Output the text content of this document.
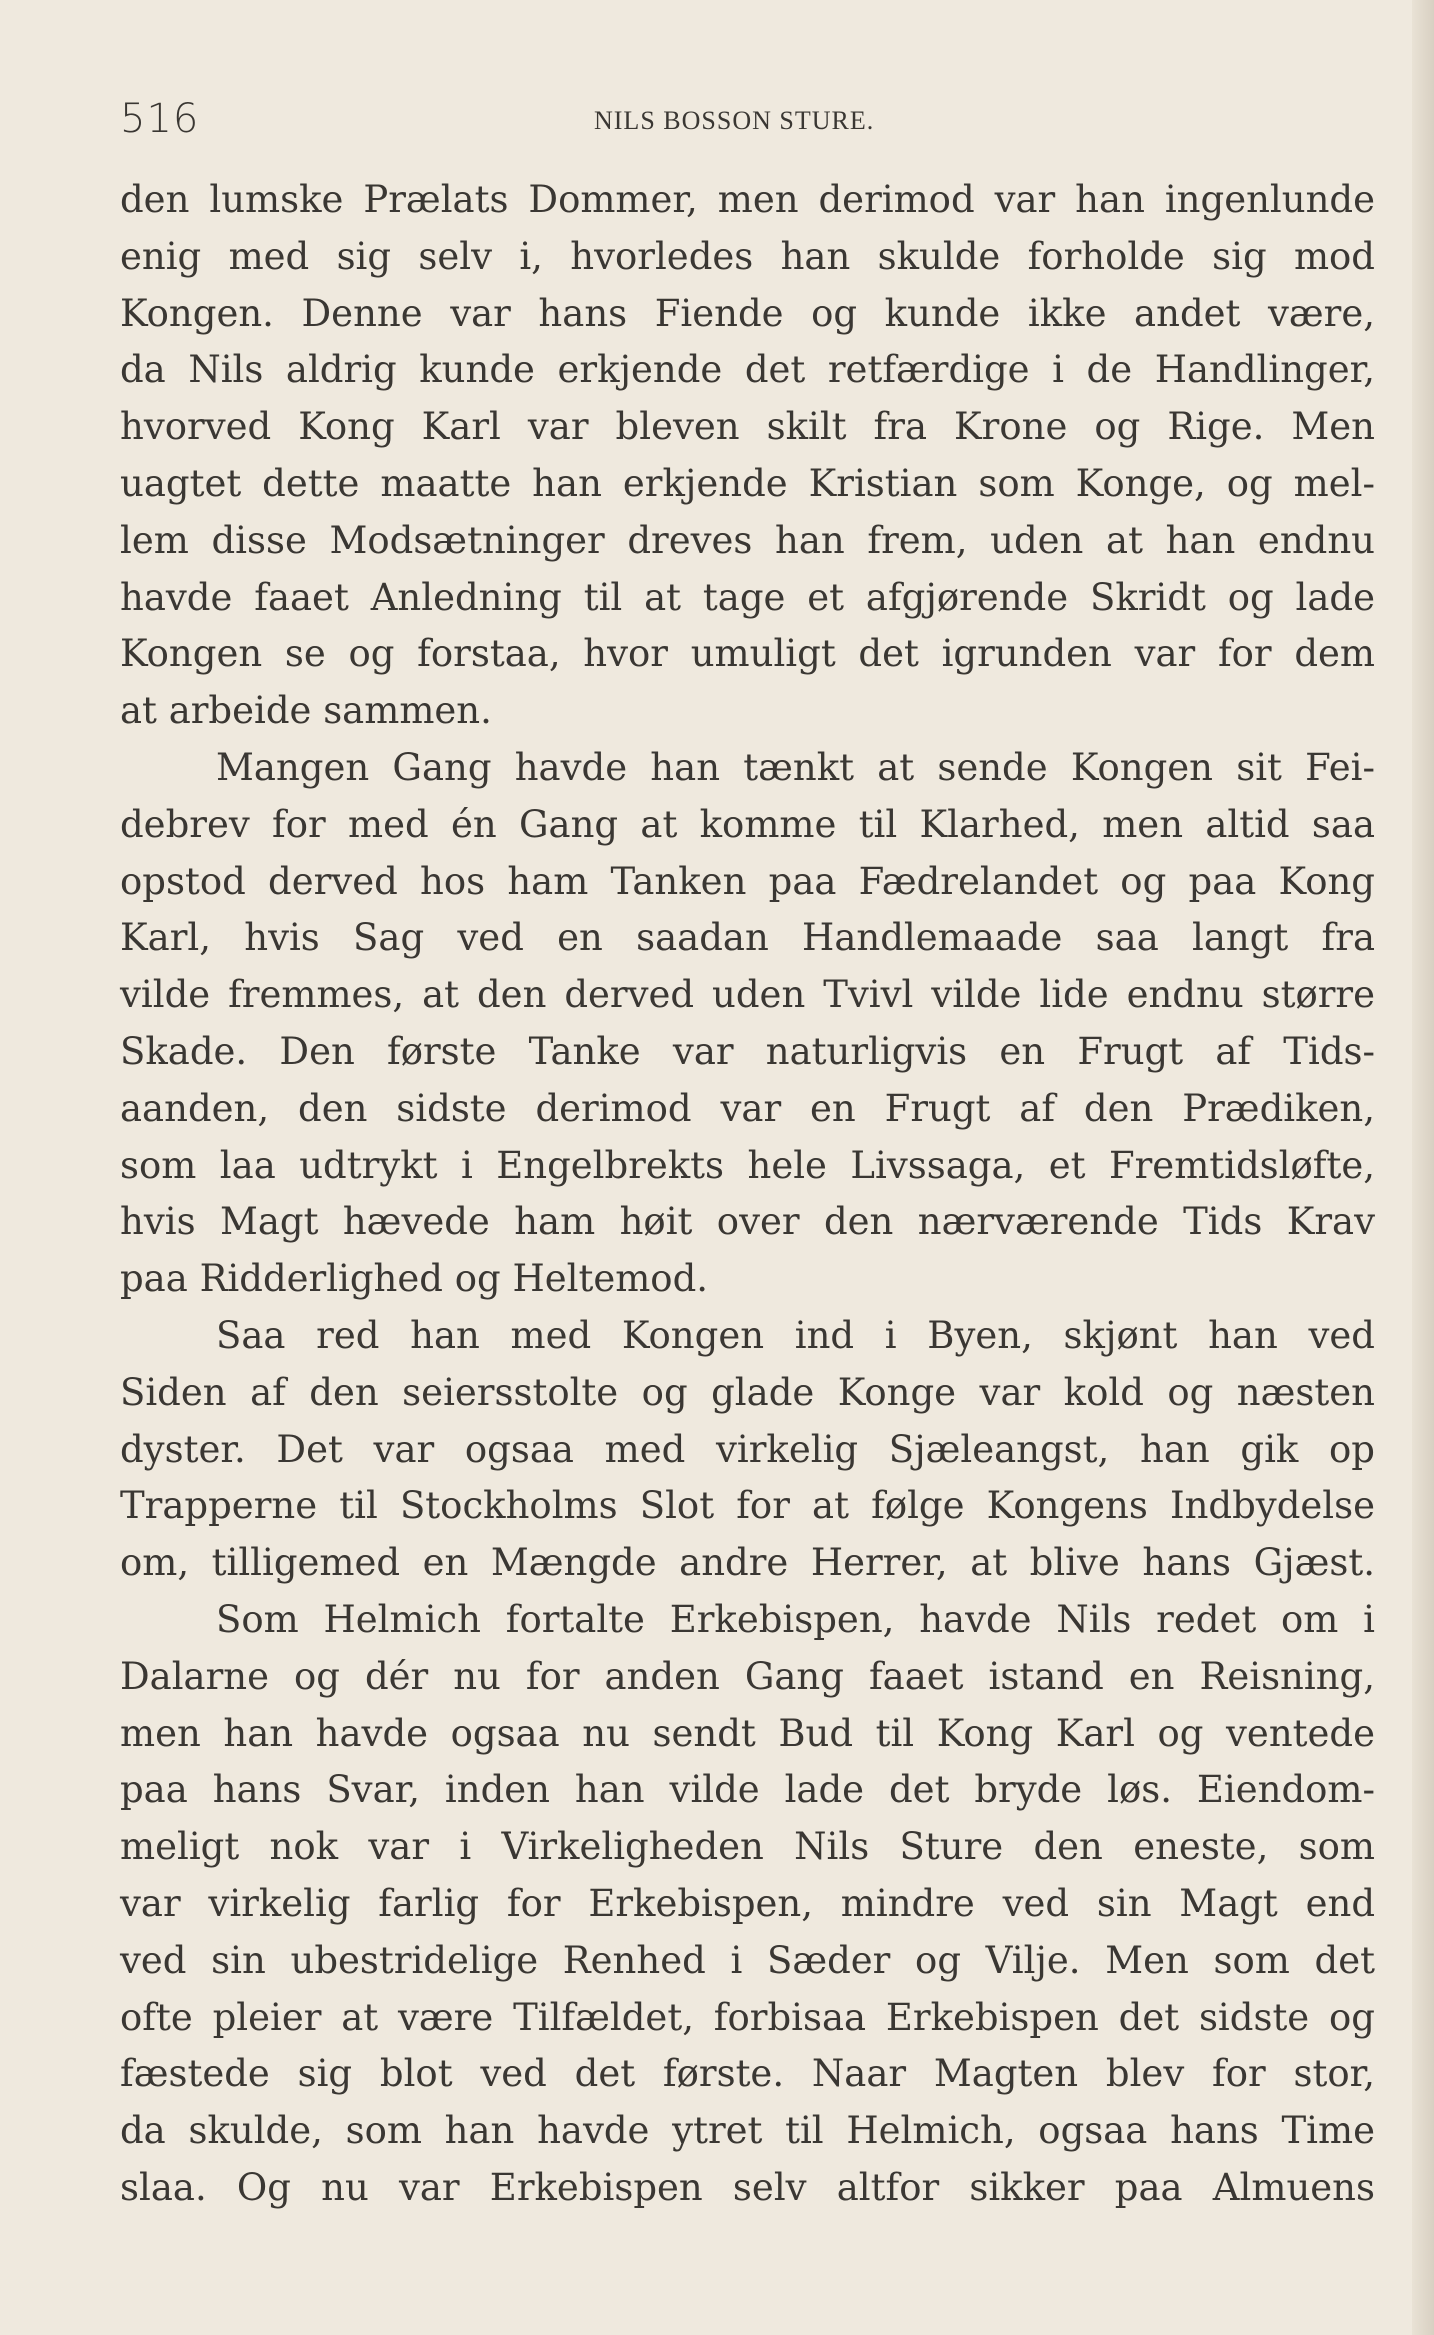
516	NILS BOSSON STURE.
den lumske Prælats Dommer, men derimod var han ingenlunde
enig med sig selv i, hvorledes han skulde forholde sig mod
Kongen. Denne var hans Fiende og kunde ikke andet være,
da Nils aldrig kunde erkjende det retfærdige i de Handlinger,
hvorved Kong Karl var bleven skilt fra Krone og Rige. Men
uagtet dette maatte han erkjende Kristian som Konge, og mel-
lem disse Modsætninger dreves han frem, uden at han endnu
havde faaet Anledning til at tage et afgjørende Skridt og lade
Kongen se og forstaa, hvor umuligt det igrunden var for dem
at arbeide sammen.
Mangen Gang havde han tænkt at sende Kongen sit Fei-
debrev for med én Gang at komme til Klarhed, men altid saa
opstod derved hos ham Tanken paa Fædrelandet og paa Kong
Karl, hvis Sag ved en saadan Handlemaade saa langt fra
vilde fremmes, at den derved uden Tvivl vilde lide endnu større
Skade. Den første Tanke var naturligvis en Frugt af Tids-
aanden, den sidste derimod var en Frugt af den Prædiken,
som laa udtrykt i Engelbrekts hele Livssaga, et Fremtidsløfte,
hvis Magt hævede ham høit over den nærværende Tids Krav
paa Ridderlighed og Heltemod.
Saa red han med Kongen ind i Byen, skjønt han ved
Siden af den seiersstolte og glade Konge var kold og næsten
dyster. Det var ogsaa med virkelig Sjæleangst, han gik op
Trapperne til Stockholms Slot for at følge Kongens Indbydelse
om, tilligemed en Mængde andre Herrer, at blive hans Gjæst.
Som Helmich fortalte Erkebispen, havde Nils redet om i
Dalarne og dér nu for anden Gang faaet istand en Reisning,
men han havde ogsaa nu sendt Bud til Kong Karl og ventede
paa hans Svar, inden han vilde lade det bryde løs. Eiendom-
meligt nok var i Virkeligheden Nils Sture den eneste, som
var virkelig farlig for Erkebispen, mindre ved sin Magt end
ved sin ubestridelige Renhed i Sæder og Vilje. Men som det
ofte pleier at være Tilfældet, forbisaa Erkebispen det sidste og
fæstede sig blot ved det første. Naar Magten blev for stor,
da skulde, som han havde ytret til Helmich, ogsaa hans Time
slaa. Og nu var Erkebispen selv altfor sikker paa Almuens
